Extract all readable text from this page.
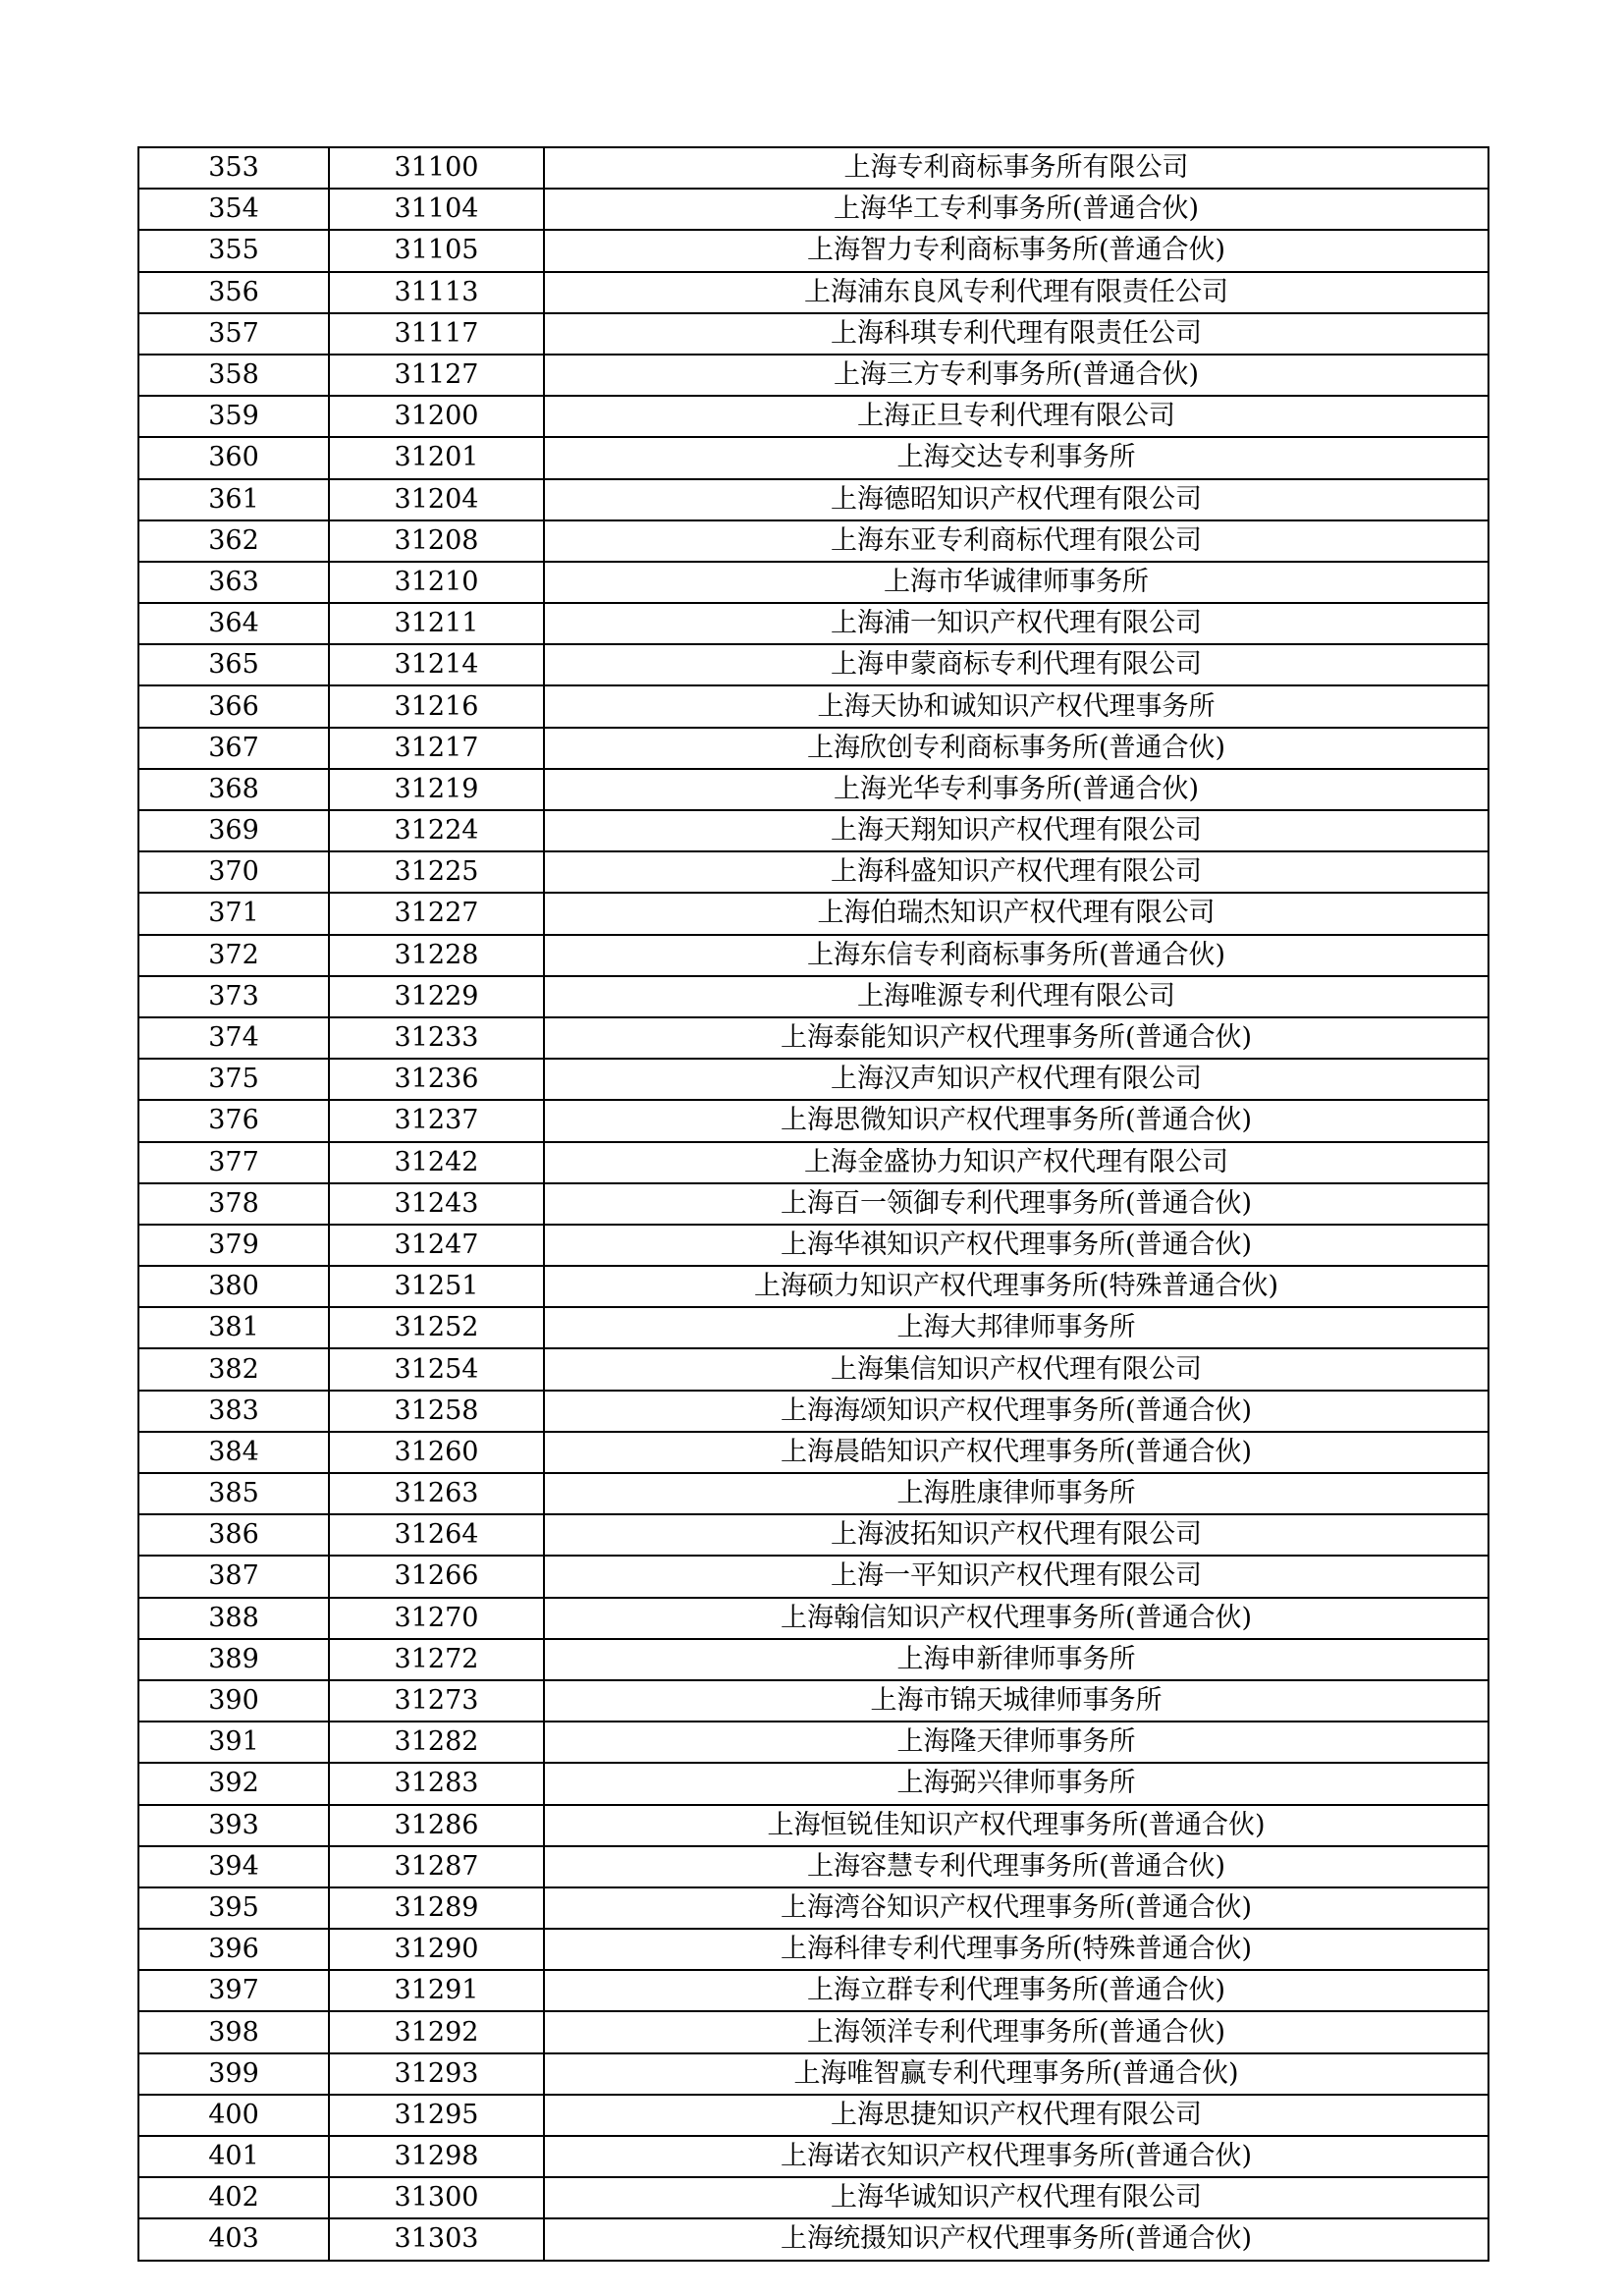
353	31100	上海专利商标事务所有限公司
354	31104	上海华工专利事务所(普通合伙)
355	31105	上海智力专利商标事务所(普通合伙)
356	31113	上海浦东良风专利代理有限责任公司
357	31117	上海科琪专利代理有限责任公司
358	31127	上海三方专利事务所(普通合伙)
359	31200	上海正旦专利代理有限公司
360	31201	上海交达专利事务所
361	31204	上海德昭知识产权代理有限公司
362	31208	上海东亚专利商标代理有限公司
363	31210	上海市华诚律师事务所
364	31211	上海浦一知识产权代理有限公司
365	31214	上海申蒙商标专利代理有限公司
366	31216	上海天协和诚知识产权代理事务所
367	31217	上海欣创专利商标事务所(普通合伙)
368	31219	上海光华专利事务所(普通合伙)
369	31224	上海天翔知识产权代理有限公司
370	31225	上海科盛知识产权代理有限公司
371	31227	上海伯瑞杰知识产权代理有限公司
372	31228	上海东信专利商标事务所(普通合伙)
373	31229	上海唯源专利代理有限公司
374	31233	上海泰能知识产权代理事务所(普通合伙)
375	31236	上海汉声知识产权代理有限公司
376	31237	上海思微知识产权代理事务所(普通合伙)
377	31242	上海金盛协力知识产权代理有限公司
378	31243	上海百一领御专利代理事务所(普通合伙)
379	31247	上海华祺知识产权代理事务所(普通合伙)
380	31251	上海硕力知识产权代理事务所(特殊普通合伙)
381	31252	上海大邦律师事务所
382	31254	上海集信知识产权代理有限公司
383	31258	上海海颂知识产权代理事务所(普通合伙)
384	31260	上海晨皓知识产权代理事务所(普通合伙)
385	31263	上海胜康律师事务所
386	31264	上海波拓知识产权代理有限公司
387	31266	上海一平知识产权代理有限公司
388	31270	上海翰信知识产权代理事务所(普通合伙)
389	31272	上海申新律师事务所
390	31273	上海市锦天城律师事务所
391	31282	上海隆天律师事务所
392	31283	上海弼兴律师事务所
393	31286	上海恒锐佳知识产权代理事务所(普通合伙)
394	31287	上海容慧专利代理事务所(普通合伙)
395	31289	上海湾谷知识产权代理事务所(普通合伙)
396	31290	上海科律专利代理事务所(特殊普通合伙)
397	31291	上海立群专利代理事务所(普通合伙)
398	31292	上海领洋专利代理事务所(普通合伙)
399	31293	上海唯智赢专利代理事务所(普通合伙)
400	31295	上海思捷知识产权代理有限公司
401	31298	上海诺衣知识产权代理事务所(普通合伙)
402	31300	上海华诚知识产权代理有限公司
403	31303	上海统摄知识产权代理事务所(普通合伙)
